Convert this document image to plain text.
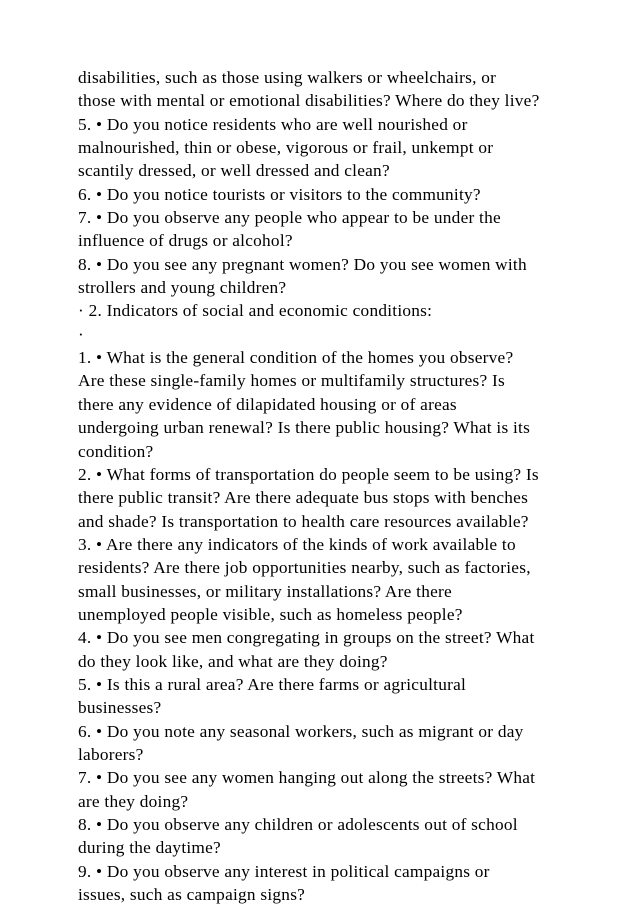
disabilities, such as those using walkers or wheelchairs, or
those with mental or emotional disabilities? Where do they live?
5. • Do you notice residents who are well nourished or
malnourished, thin or obese, vigorous or frail, unkempt or
scantily dressed, or well dressed and clean?
6. • Do you notice tourists or visitors to the community?
7. • Do you observe any people who appear to be under the
influence of drugs or alcohol?
8. • Do you see any pregnant women? Do you see women with
strollers and young children?
· 2. Indicators of social and economic conditions:
·
1. • What is the general condition of the homes you observe?
Are these single-family homes or multifamily structures? Is
there any evidence of dilapidated housing or of areas
undergoing urban renewal? Is there public housing? What is its
condition?
2. • What forms of transportation do people seem to be using? Is
there public transit? Are there adequate bus stops with benches
and shade? Is transportation to health care resources available?
3. • Are there any indicators of the kinds of work available to
residents? Are there job opportunities nearby, such as factories,
small businesses, or military installations? Are there
unemployed people visible, such as homeless people?
4. • Do you see men congregating in groups on the street? What
do they look like, and what are they doing?
5. • Is this a rural area? Are there farms or agricultural
businesses?
6. • Do you note any seasonal workers, such as migrant or day
laborers?
7. • Do you see any women hanging out along the streets? What
are they doing?
8. • Do you observe any children or adolescents out of school
during the daytime?
9. • Do you observe any interest in political campaigns or
issues, such as campaign signs?
